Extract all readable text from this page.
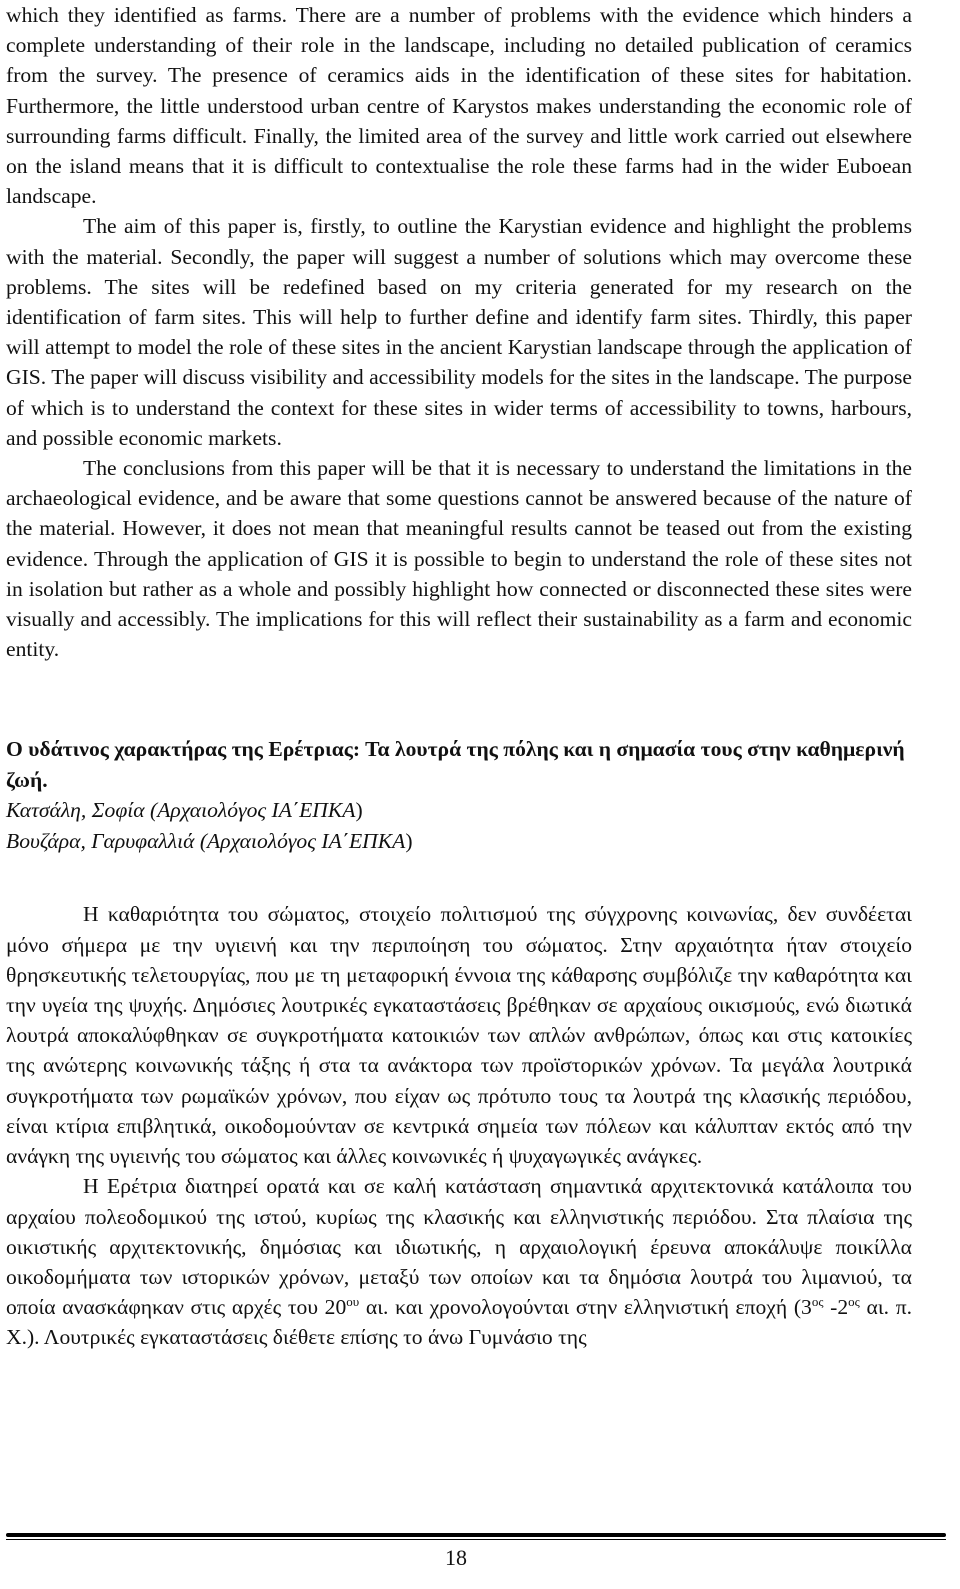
which they identified as farms. There are a number of problems with the evidence which hinders a complete understanding of their role in the landscape, including no detailed publication of ceramics from the survey. The presence of ceramics aids in the identification of these sites for habitation. Furthermore, the little understood urban centre of Karystos makes understanding the economic role of surrounding farms difficult. Finally, the limited area of the survey and little work carried out elsewhere on the island means that it is difficult to contextualise the role these farms had in the wider Euboean landscape.

The aim of this paper is, firstly, to outline the Karystian evidence and highlight the problems with the material. Secondly, the paper will suggest a number of solutions which may overcome these problems. The sites will be redefined based on my criteria generated for my research on the identification of farm sites. This will help to further define and identify farm sites. Thirdly, this paper will attempt to model the role of these sites in the ancient Karystian landscape through the application of GIS. The paper will discuss visibility and accessibility models for the sites in the landscape. The purpose of which is to understand the context for these sites in wider terms of accessibility to towns, harbours, and possible economic markets.

The conclusions from this paper will be that it is necessary to understand the limitations in the archaeological evidence, and be aware that some questions cannot be answered because of the nature of the material. However, it does not mean that meaningful results cannot be teased out from the existing evidence. Through the application of GIS it is possible to begin to understand the role of these sites not in isolation but rather as a whole and possibly highlight how connected or disconnected these sites were visually and accessibly. The implications for this will reflect their sustainability as a farm and economic entity.

Ο υδάτινος χαρακτήρας της Ερέτριας: Τα λουτρά της πόλης και η σημασία τους στην καθημερινή ζωή.

Κατσάλη, Σοφία (Αρχαιολόγος ΙΑ΄ΕΠΚΑ)

Βουζάρα, Γαρυφαλλιά (Αρχαιολόγος ΙΑ΄ΕΠΚΑ)

Η καθαριότητα του σώματος, στοιχείο πολιτισμού της σύγχρονης κοινωνίας, δεν συνδέεται μόνο σήμερα με την υγιεινή και την περιποίηση του σώματος. Στην αρχαιότητα ήταν στοιχείο θρησκευτικής τελετουργίας, που με τη μεταφορική έννοια της κάθαρσης συμβόλιζε την καθαρότητα και την υγεία της ψυχής. Δημόσιες λουτρικές εγκαταστάσεις βρέθηκαν σε αρχαίους οικισμούς, ενώ διωτικά λουτρά αποκαλύφθηκαν σε συγκροτήματα κατοικιών των απλών ανθρώπων, όπως και στις κατοικίες της ανώτερης κοινωνικής τάξης ή στα τα ανάκτορα των προϊστορικών χρόνων. Τα μεγάλα λουτρικά συγκροτήματα των ρωμαϊκών χρόνων, που είχαν ως πρότυπο τους τα λουτρά της κλασικής περιόδου, είναι κτίρια επιβλητικά, οικοδομούνταν σε κεντρικά σημεία των πόλεων και κάλυπταν εκτός από την ανάγκη της υγιεινής του σώματος και άλλες κοινωνικές ή ψυχαγωγικές ανάγκες.

Η Ερέτρια διατηρεί ορατά και σε καλή κατάσταση σημαντικά αρχιτεκτονικά κατάλοιπα του αρχαίου πολεοδομικού της ιστού, κυρίως της κλασικής και ελληνιστικής περιόδου. Στα πλαίσια της οικιστικής αρχιτεκτονικής, δημόσιας και ιδιωτικής, η αρχαιολογική έρευνα αποκάλυψε ποικίλλα οικοδομήματα των ιστορικών χρόνων, μεταξύ των οποίων και τα δημόσια λουτρά του λιμανιού, τα οποία ανασκάφηκαν στις αρχές του $20^{o\upsilon}$ αι. και χρονολογούνται στην ελληνιστική εποχή ($3^{o\varsigma}$ $-2^{o\varsigma}$ αι. π. Χ.). Λουτρικές εγκαταστάσεις διέθετε επίσης το άνω Γυμνάσιο της

18
